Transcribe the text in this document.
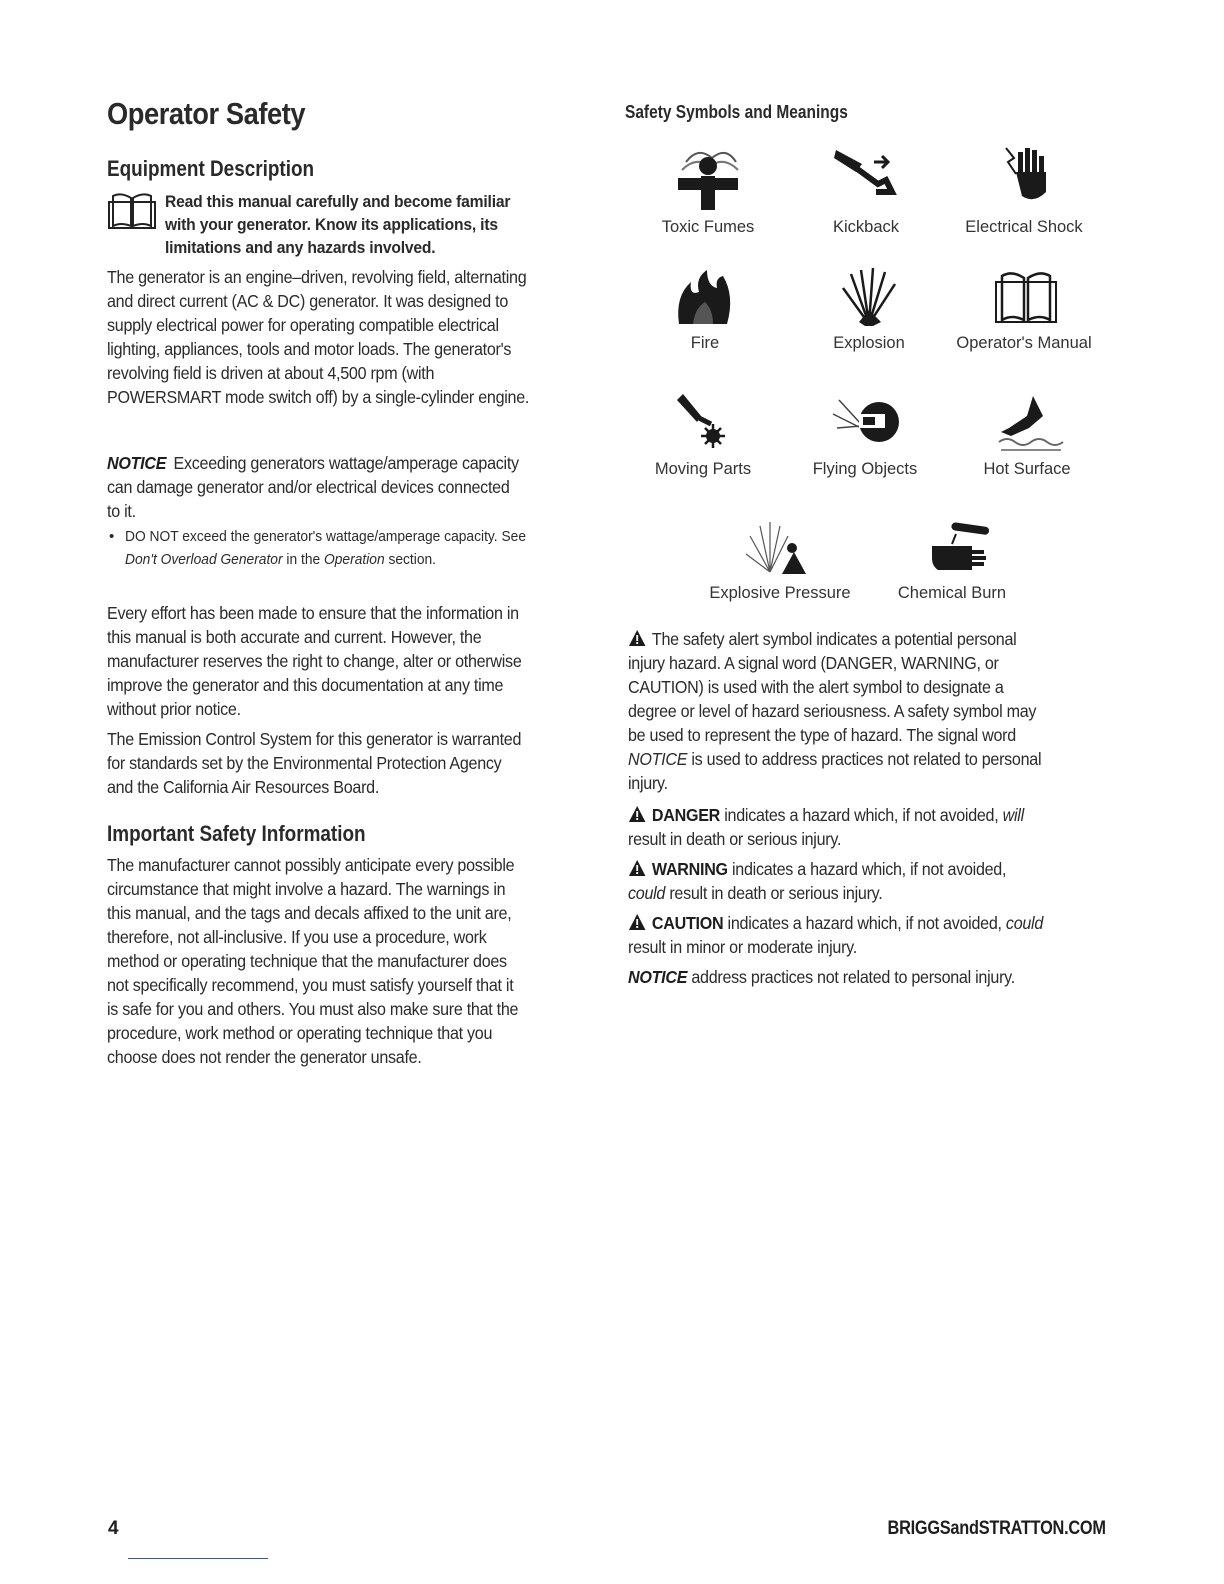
Operator Safety
Equipment Description
Read this manual carefully and become familiar
with your generator. Know its applications, its
limitations and any hazards involved.
The generator is an engine–driven, revolving field, alternating
and direct current (AC & DC) generator. It was designed to
supply electrical power for operating compatible electrical
lighting, appliances, tools and motor loads. The generator's
revolving field is driven at about 4,500 rpm (with
POWERSMART mode switch off) by a single-cylinder engine.
NOTICE Exceeding generators wattage/amperage capacity
can damage generator and/or electrical devices connected
to it.
• DO NOT exceed the generator's wattage/amperage capacity. See
Don't Overload Generator in the Operation section.
Every effort has been made to ensure that the information in
this manual is both accurate and current. However, the
manufacturer reserves the right to change, alter or otherwise
improve the generator and this documentation at any time
without prior notice.
The Emission Control System for this generator is warranted
for standards set by the Environmental Protection Agency
and the California Air Resources Board.
Important Safety Information
The manufacturer cannot possibly anticipate every possible
circumstance that might involve a hazard. The warnings in
this manual, and the tags and decals affixed to the unit are,
therefore, not all-inclusive. If you use a procedure, work
method or operating technique that the manufacturer does
not specifically recommend, you must satisfy yourself that it
is safe for you and others. You must also make sure that the
procedure, work method or operating technique that you
choose does not render the generator unsafe.
Safety Symbols and Meanings
Toxic Fumes	Kickback	Electrical Shock
Fire	Explosion	Operator's Manual
Moving Parts	Flying Objects	Hot Surface
Explosive Pressure	Chemical Burn
The safety alert symbol indicates a potential personal
injury hazard. A signal word (DANGER, WARNING, or
CAUTION) is used with the alert symbol to designate a
degree or level of hazard seriousness. A safety symbol may
be used to represent the type of hazard. The signal word
NOTICE is used to address practices not related to personal
injury.
DANGER indicates a hazard which, if not avoided, will
result in death or serious injury.
WARNING indicates a hazard which, if not avoided,
could result in death or serious injury.
CAUTION indicates a hazard which, if not avoided, could
result in minor or moderate injury.
NOTICE address practices not related to personal injury.
4	BRIGGSandSTRATTON.COM
